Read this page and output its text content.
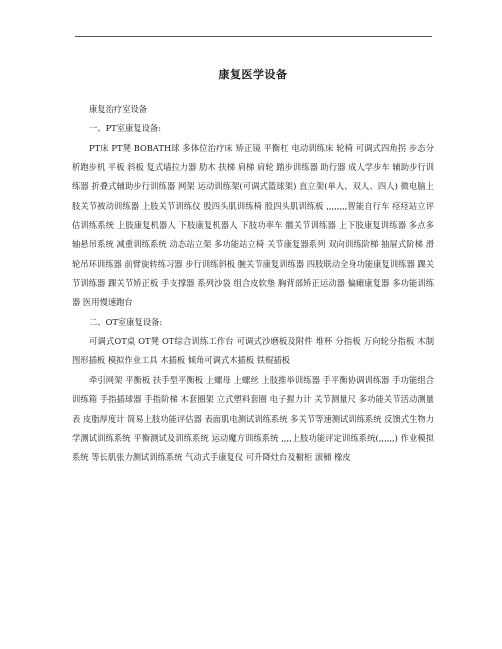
康复医学设备

康复治疗室设备

一、PT室康复设备:

PT床 PT凳 BOBATH球 多体位治疗床 矫正镜 平衡杠 电动训练床 轮椅 可调式四角拐 步态分析跑步机 平板 斜板 复式墙拉力器 肋木 扶梯 肩梯 肩轮 踏步训练器 助行器 成人学步车 辅助步行训练器 折叠式辅助步行训练器 网架 运动训练架(可调式篮球架) 直立架(单人、双人、四人) 微电脑上肢关节被动训练器 上肢关节训练仪 股四头肌训练椅 股四头肌训练板 ,,,,,,,,智能自行车 痉痉站立评估训练系统 上肢康复机器人 下肢康复机器人 下肢功率车 髋关节训练器 上下肢康复训练器 多点多轴悬吊系统 减重训练系统 动态站立架 多功能站立椅 关节康复器系列 双向训练阶梯 抽屉式阶梯 滑轮吊环训练器 前臂旋转练习器 步行训练斜板 腕关节康复训练器 四肢联动全身功能康复训练器 踝关节训练器 踝关节矫正板 手支撑器 系列沙袋 组合皮软垫 胸背部矫正运动器 偏瘫康复器 多功能训练器 医用慢速跑台

二、OT室康复设备:

可调式OT桌 OT凳 OT综合训练工作台 可调式沙磨板及附件 堆杯 分指板 万向轮分指板 木制图形插板 模拟作业工具 木插板 倾角可调式木插板 铁棍插板

牵引网架 平衡板 扶手型平衡板 上螺母 上螺丝 上肢推举训练器 手平衡协调训练器 手功能组合训练箱 手指插球器 手指阶梯 木套圈架 立式塑料套圈 电子握力计 关节测量尺 多功能关节活动测量表 皮脂厚度计 简易上肢功能评估器 表面肌电测试训练系统 多关节等速测试训练系统 反馈式生物力学测试训练系统 平衡测试及训练系统 运动魔方训练系统 ,,,,上肢功能评定训练系统(,,,,,,) 作业模拟系统 等长肌张力测试训练系统 气动式手康复仪 可升降灶台及橱柜 滚桶 橡皮
